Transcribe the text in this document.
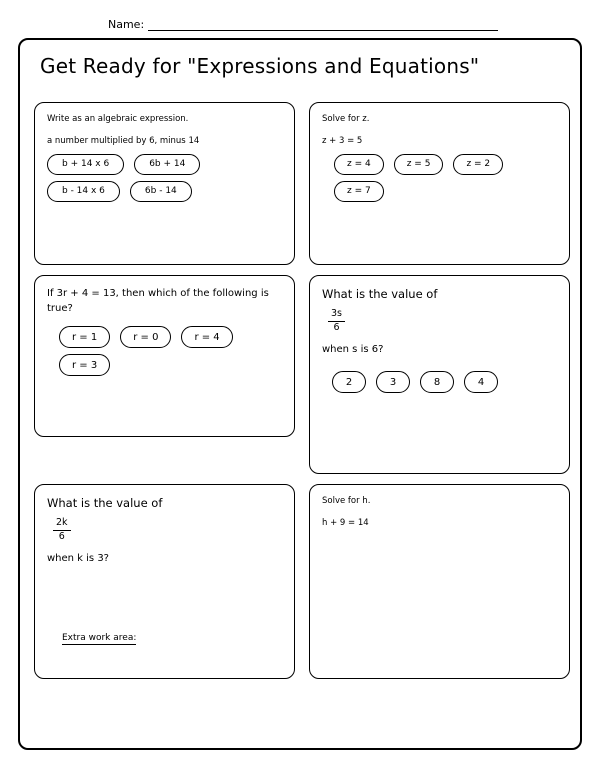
Name:
Get Ready for "Expressions and Equations"

Write as an algebraic expression.

a number multiplied by 6, minus 14

b + 14 x 6	6b + 14
b - 14 x 6	6b - 14

Solve for z.

z + 3 = 5

z = 4	z = 5	z = 2
z = 7

If 3r + 4 = 13, then which of the following is true?

r = 1	r = 0	r = 4
r = 3

What is the value of

$\frac{3s}{6}$

when s is 6?

2	3	8	4

What is the value of

$\frac{2k}{6}$

when k is 3?

Solve for h.

h + 9 = 14

Extra work area:
